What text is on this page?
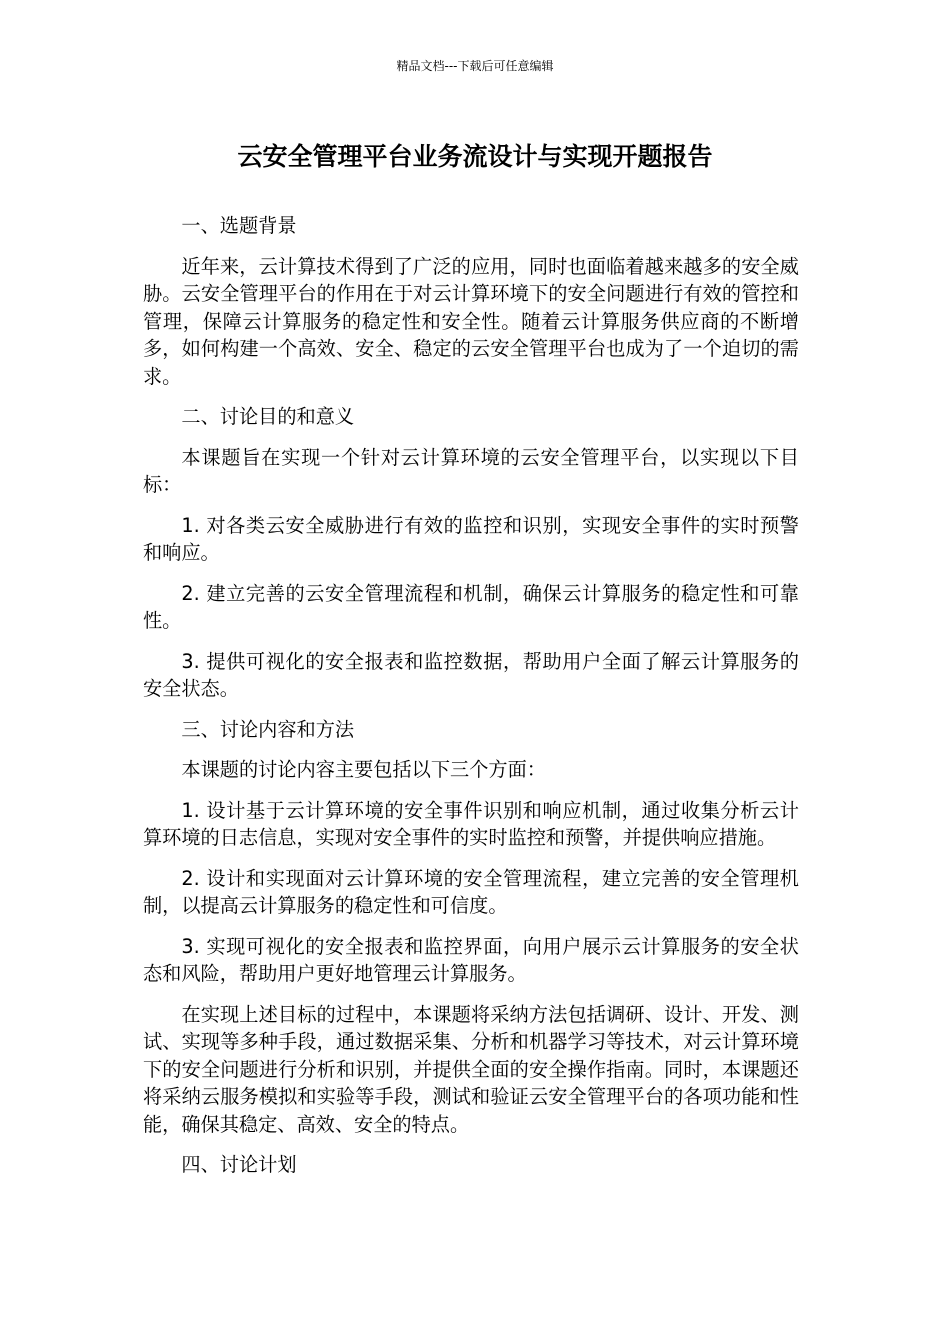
精品文档---下载后可任意编辑
云安全管理平台业务流设计与实现开题报告
一、选题背景
近年来，云计算技术得到了广泛的应用，同时也面临着越来越多的安全威胁。云安全管理平台的作用在于对云计算环境下的安全问题进行有效的管控和管理，保障云计算服务的稳定性和安全性。随着云计算服务供应商的不断增多，如何构建一个高效、安全、稳定的云安全管理平台也成为了一个迫切的需求。
二、讨论目的和意义
本课题旨在实现一个针对云计算环境的云安全管理平台，以实现以下目标：
1. 对各类云安全威胁进行有效的监控和识别，实现安全事件的实时预警和响应。
2. 建立完善的云安全管理流程和机制，确保云计算服务的稳定性和可靠性。
3. 提供可视化的安全报表和监控数据，帮助用户全面了解云计算服务的安全状态。
三、讨论内容和方法
本课题的讨论内容主要包括以下三个方面：
1. 设计基于云计算环境的安全事件识别和响应机制，通过收集分析云计算环境的日志信息，实现对安全事件的实时监控和预警，并提供响应措施。
2. 设计和实现面对云计算环境的安全管理流程，建立完善的安全管理机制，以提高云计算服务的稳定性和可信度。
3. 实现可视化的安全报表和监控界面，向用户展示云计算服务的安全状态和风险，帮助用户更好地管理云计算服务。
在实现上述目标的过程中，本课题将采纳方法包括调研、设计、开发、测试、实现等多种手段，通过数据采集、分析和机器学习等技术，对云计算环境下的安全问题进行分析和识别，并提供全面的安全操作指南。同时，本课题还将采纳云服务模拟和实验等手段，测试和验证云安全管理平台的各项功能和性能，确保其稳定、高效、安全的特点。
四、讨论计划
